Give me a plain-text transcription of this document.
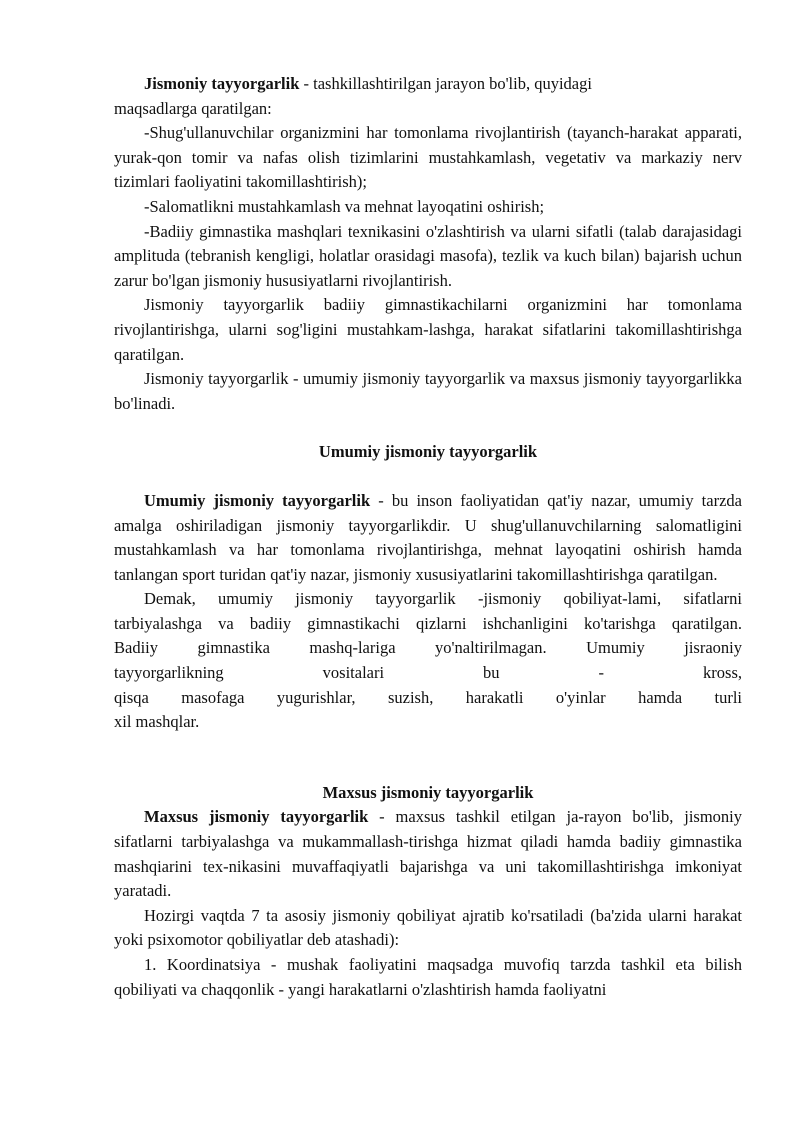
Jismoniy tayyorgarlik - tashkillashtirilgan jarayon bo'lib, quyidagi

maqsadlarga qaratilgan:

-Shug'ullanuvchilar organizmini har tomonlama rivojlantirish (tayanch-harakat apparati, yurak-qon tomir va nafas olish tizimlarini mustahkamlash, vegetativ va markaziy nerv tizimlari faoliyatini takomillashtirish);

-Salomatlikni mustahkamlash va mehnat layoqatini oshirish;

-Badiiy gimnastika mashqlari texnikasini o'zlashtirish va ularni sifatli (talab darajasidagi amplituda (tebranish kengligi, holatlar orasidagi masofa), tezlik va kuch bilan) bajarish uchun zarur bo'lgan jismoniy hususiyatlarni rivojlantirish.

Jismoniy tayyorgarlik badiiy gimnastikachilarni organizmini har tomonlama rivojlantirishga, ularni sog'ligini mustahkam-lashga, harakat sifatlarini takomillashtirishga qaratilgan.

Jismoniy tayyorgarlik - umumiy jismoniy tayyorgarlik va maxsus jismoniy tayyorgarlikka bo'linadi.

Umumiy jismoniy tayyorgarlik

Umumiy jismoniy tayyorgarlik - bu inson faoliyatidan qat'iy nazar, umumiy tarzda amalga oshiriladigan jismoniy tayyorgarlikdir. U shug'ullanuvchilarning salomatligini mustahkamlash va har tomonlama rivojlantirishga, mehnat layoqatini oshirish hamda tanlangan sport turidan qat'iy nazar, jismoniy xususiyatlarini takomillashtirishga qaratilgan.

Demak, umumiy jismoniy tayyorgarlik -jismoniy qobiliyat-lami, sifatlarni
tarbiyalashga va badiiy gimnastikachi qizlarni ishchanligini ko'tarishga qaratilgan.
Badiiy gimnastika mashq-lariga yo'naltirilmagan. Umumiy jisraoniy
tayyorgarlikning vositalari bu - kross,
qisqa masofaga yugurishlar, suzish, harakatli o'yinlar hamda turli
xil mashqlar.

Maxsus jismoniy tayyorgarlik

Maxsus jismoniy tayyorgarlik - maxsus tashkil etilgan ja-rayon bo'lib, jismoniy sifatlarni tarbiyalashga va mukammallash-tirishga hizmat qiladi hamda badiiy gimnastika mashqiarini tex-nikasini muvaffaqiyatli bajarishga va uni takomillashtirishga imkoniyat yaratadi.

Hozirgi vaqtda 7 ta asosiy jismoniy qobiliyat ajratib ko'rsatiladi (ba'zida ularni harakat yoki psixomotor qobiliyatlar deb atashadi):

1. Koordinatsiya - mushak faoliyatini maqsadga muvofiq tarzda tashkil eta bilish qobiliyati va chaqqonlik - yangi harakatlarni o'zlashtirish hamda faoliyatni
